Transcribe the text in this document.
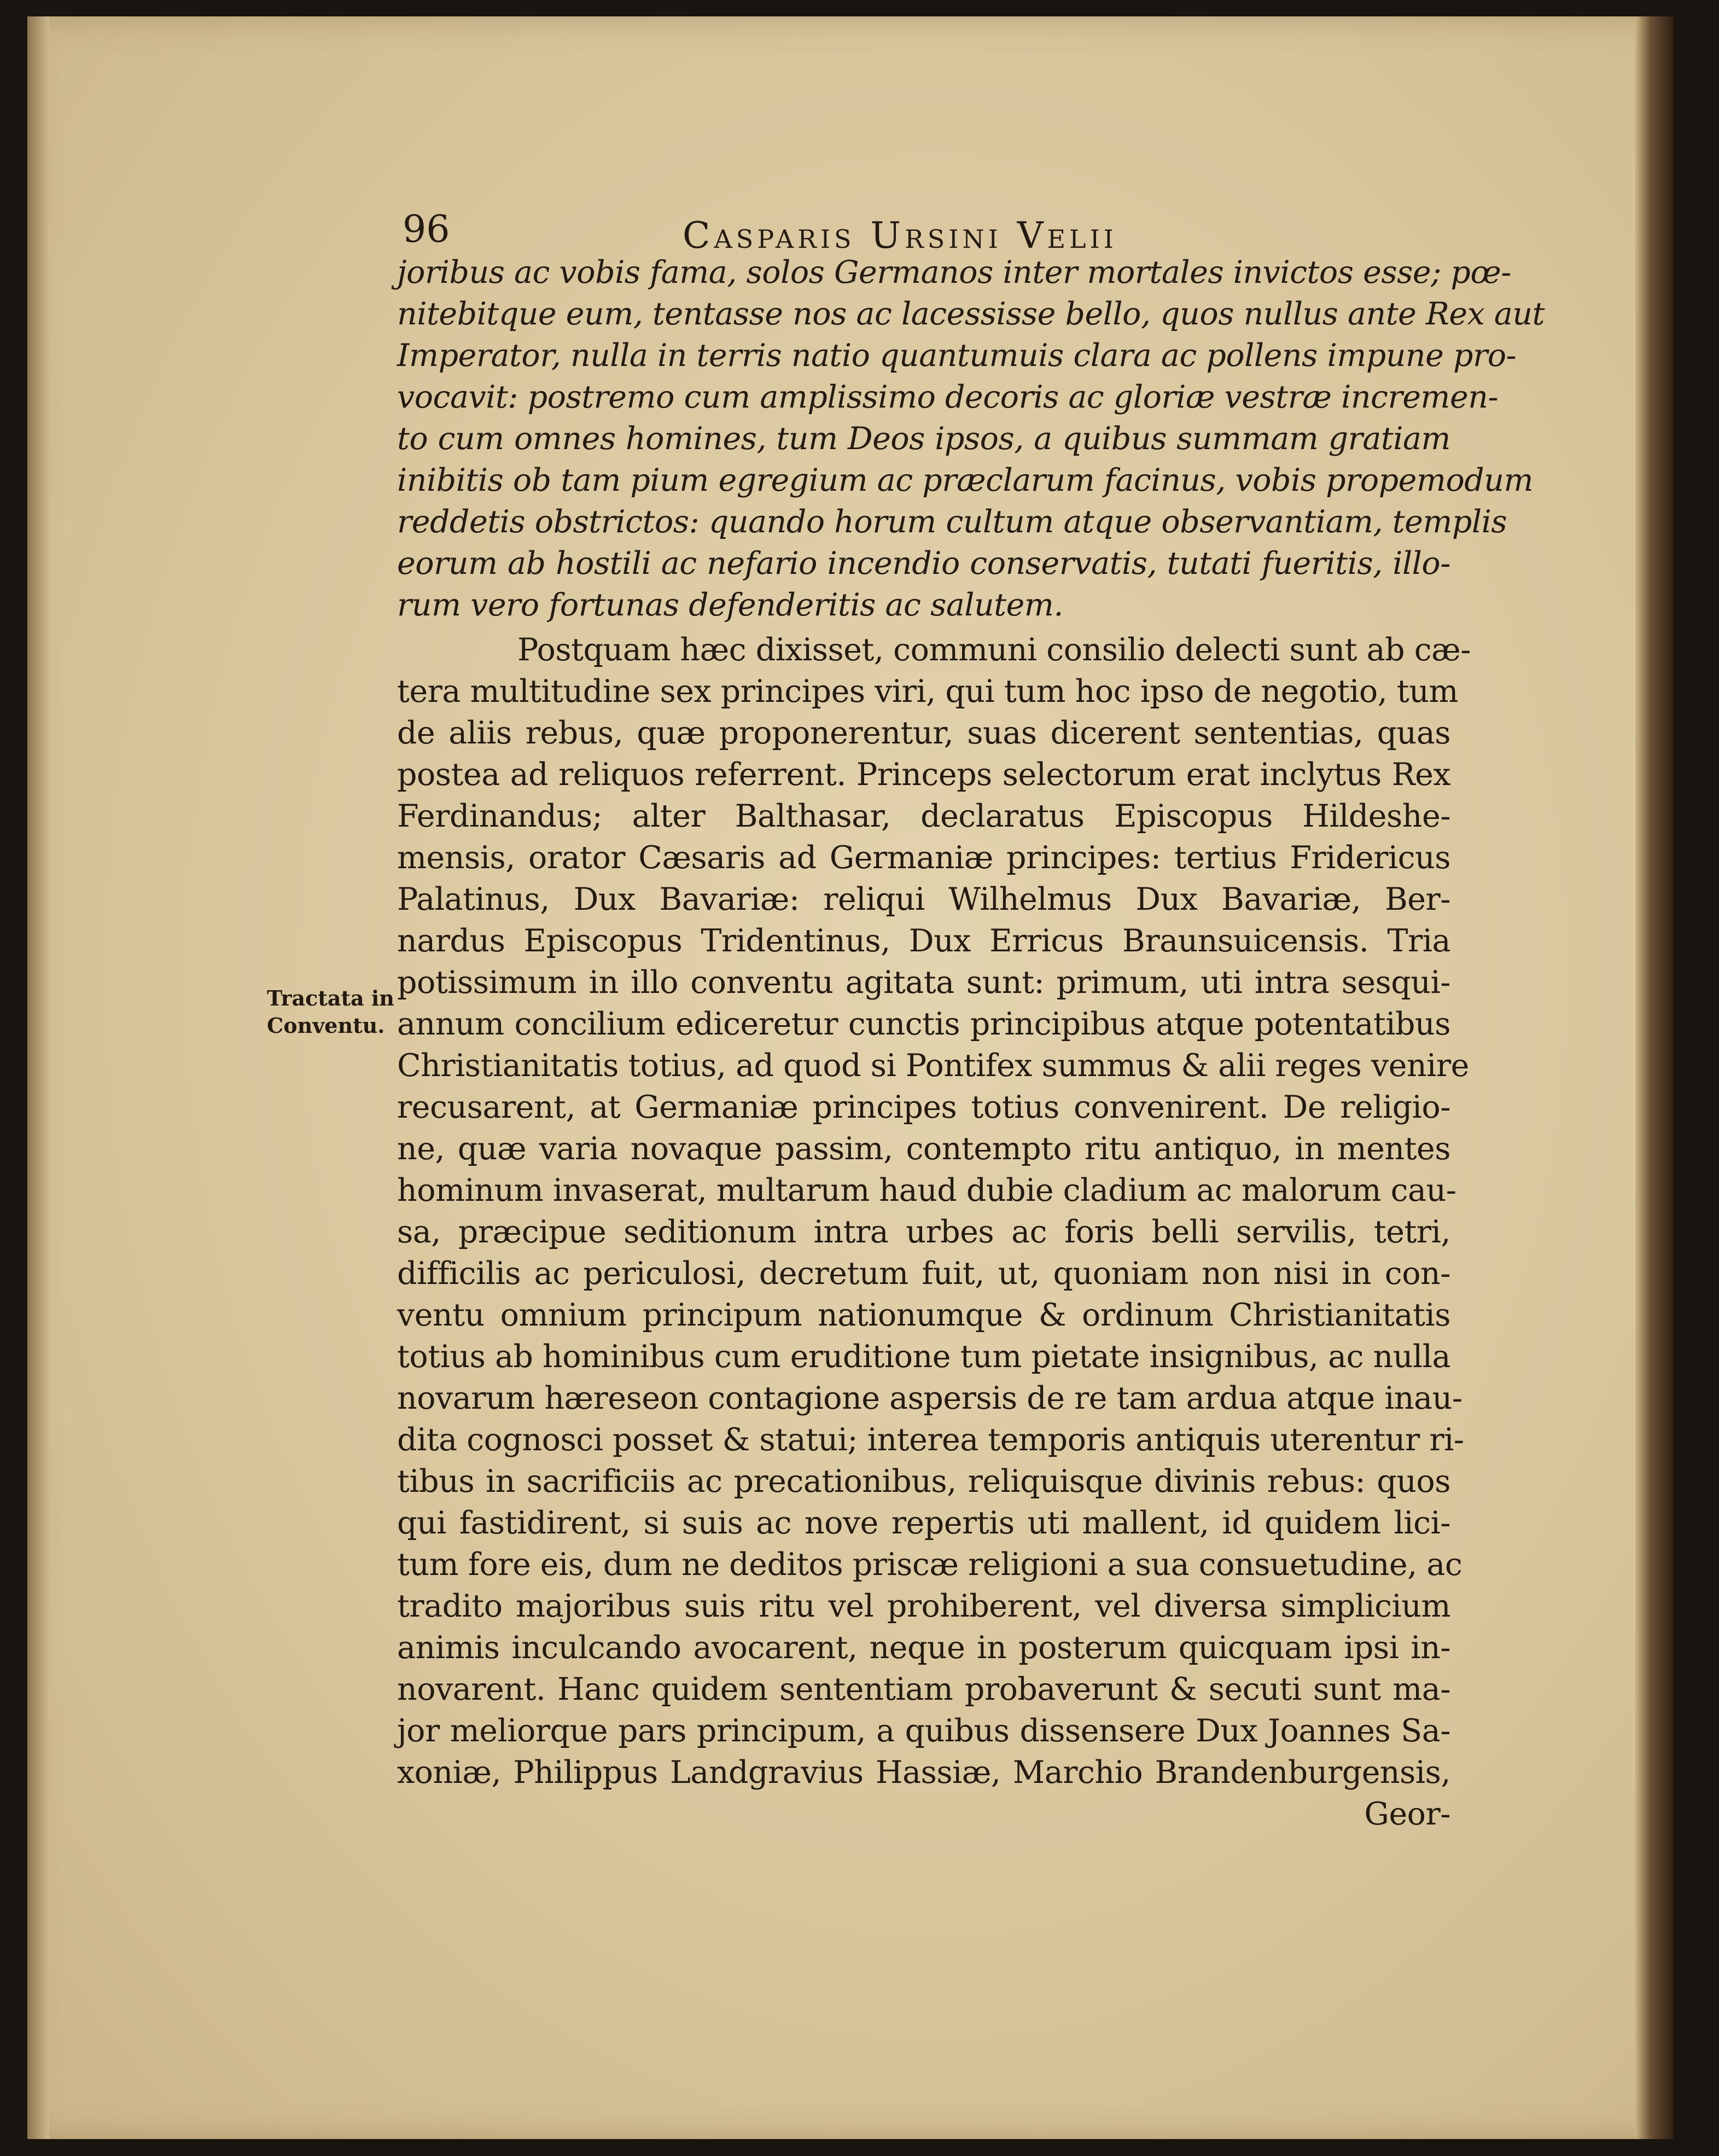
96	Casparis Ursini Velii
Tractata in
Conventu.
joribus ac vobis fama, solos Germanos inter mortales invictos esse; pœ-
nitebitque eum, tentasse nos ac lacessisse bello, quos nullus ante Rex aut
Imperator, nulla in terris natio quantumuis clara ac pollens impune pro-
vocavit: postremo cum amplissimo decoris ac gloriæ vestræ incremen-
to cum omnes homines, tum Deos ipsos, a quibus summam gratiam
inibitis ob tam pium egregium ac præclarum facinus, vobis propemodum
reddetis obstrictos: quando horum cultum atque observantiam, templis
eorum ab hostili ac nefario incendio conservatis, tutati fueritis, illo-
rum vero fortunas defenderitis ac salutem.
Postquam hæc dixisset, communi consilio delecti sunt ab cæ-
tera multitudine sex principes viri, qui tum hoc ipso de negotio, tum
de aliis rebus, quæ proponerentur, suas dicerent sententias, quas
postea ad reliquos referrent. Princeps selectorum erat inclytus Rex
Ferdinandus; alter Balthasar, declaratus Episcopus Hildeshe-
mensis, orator Cæsaris ad Germaniæ principes: tertius Fridericus
Palatinus, Dux Bavariæ: reliqui Wilhelmus Dux Bavariæ, Ber-
nardus Episcopus Tridentinus, Dux Erricus Braunsuicensis. Tria
potissimum in illo conventu agitata sunt: primum, uti intra sesqui-
annum concilium ediceretur cunctis principibus atque potentatibus
Christianitatis totius, ad quod si Pontifex summus & alii reges venire
recusarent, at Germaniæ principes totius convenirent. De religio-
ne, quæ varia novaque passim, contempto ritu antiquo, in mentes
hominum invaserat, multarum haud dubie cladium ac malorum cau-
sa, præcipue seditionum intra urbes ac foris belli servilis, tetri,
difficilis ac periculosi, decretum fuit, ut, quoniam non nisi in con-
ventu omnium principum nationumque & ordinum Christianitatis
totius ab hominibus cum eruditione tum pietate insignibus, ac nulla
novarum hæreseon contagione aspersis de re tam ardua atque inau-
dita cognosci posset & statui; interea temporis antiquis uterentur ri-
tibus in sacrificiis ac precationibus, reliquisque divinis rebus: quos
qui fastidirent, si suis ac nove repertis uti mallent, id quidem lici-
tum fore eis, dum ne deditos priscæ religioni a sua consuetudine, ac
tradito majoribus suis ritu vel prohiberent, vel diversa simplicium
animis inculcando avocarent, neque in posterum quicquam ipsi in-
novarent. Hanc quidem sententiam probaverunt & secuti sunt ma-
jor meliorque pars principum, a quibus dissensere Dux Joannes Sa-
xoniæ, Philippus Landgravius Hassiæ, Marchio Brandenburgensis,
Geor-
